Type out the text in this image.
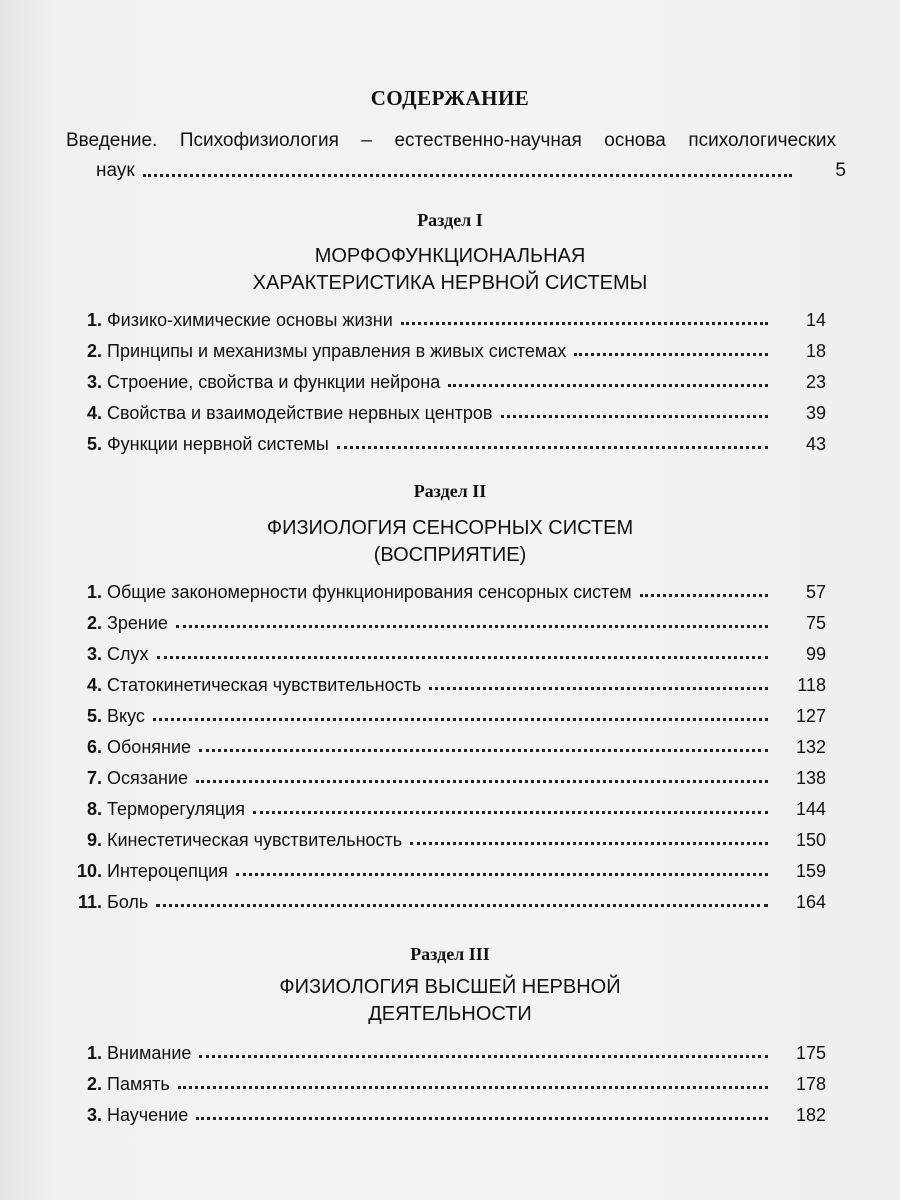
СОДЕРЖАНИЕ
Введение. Психофизиология – естественно-научная основа психологических
наук	5
Раздел I
МОРФОФУНКЦИОНАЛЬНАЯ
ХАРАКТЕРИСТИКА НЕРВНОЙ СИСТЕМЫ
1. Физико-химические основы жизни	14
2. Принципы и механизмы управления в живых системах	18
3. Строение, свойства и функции нейрона	23
4. Свойства и взаимодействие нервных центров	39
5. Функции нервной системы	43
Раздел II
ФИЗИОЛОГИЯ СЕНСОРНЫХ СИСТЕМ
(ВОСПРИЯТИЕ)
1. Общие закономерности функционирования сенсорных систем	57
2. Зрение	75
3. Слух	99
4. Статокинетическая чувствительность	118
5. Вкус	127
6. Обоняние	132
7. Осязание	138
8. Терморегуляция	144
9. Кинестетическая чувствительность	150
10. Интероцепция	159
11. Боль	164
Раздел III
ФИЗИОЛОГИЯ ВЫСШЕЙ НЕРВНОЙ
ДЕЯТЕЛЬНОСТИ
1. Внимание	175
2. Память	178
3. Научение	182
